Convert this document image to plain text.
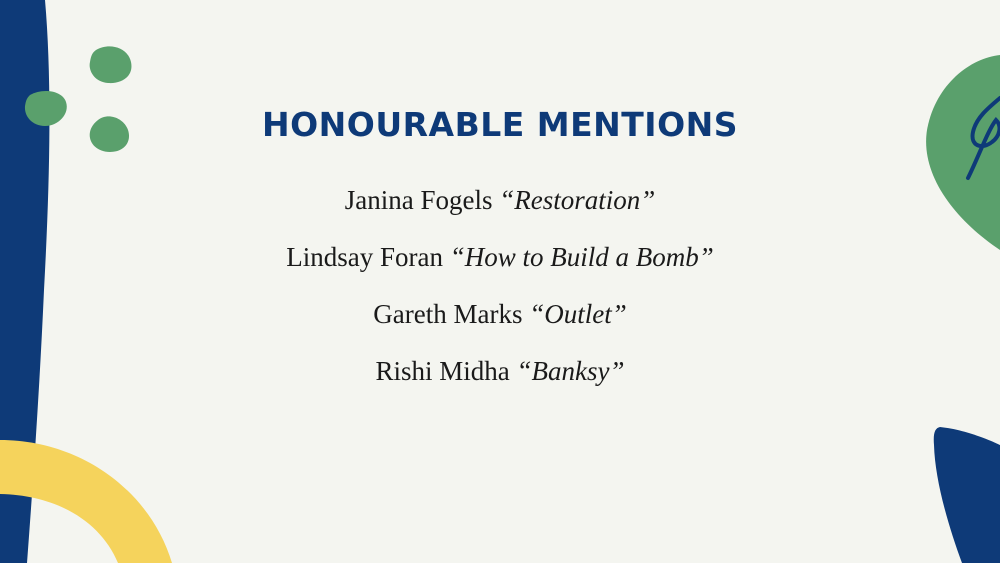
HONOURABLE MENTIONS
Janina Fogels “Restoration”
Lindsay Foran “How to Build a Bomb”
Gareth Marks “Outlet”
Rishi Midha “Banksy”
